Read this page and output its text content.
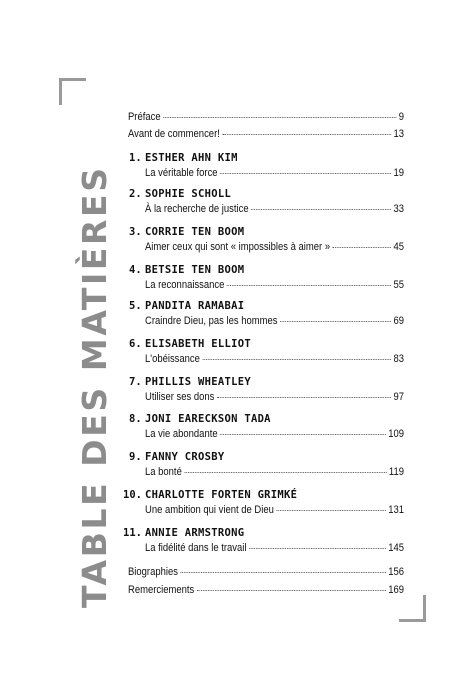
TABLE DES MATIÈRES
Préface	9
Avant de commencer!	13
1. ESTHER AHN KIM
La véritable force	19
2. SOPHIE SCHOLL
À la recherche de justice	33
3. CORRIE TEN BOOM
Aimer ceux qui sont « impossibles à aimer »	45
4. BETSIE TEN BOOM
La reconnaissance	55
5. PANDITA RAMABAI
Craindre Dieu, pas les hommes	69
6. ELISABETH ELLIOT
L'obéissance	83
7. PHILLIS WHEATLEY
Utiliser ses dons	97
8. JONI EARECKSON TADA
La vie abondante	109
9. FANNY CROSBY
La bonté	119
10. CHARLOTTE FORTEN GRIMKÉ
Une ambition qui vient de Dieu	131
11. ANNIE ARMSTRONG
La fidélité dans le travail	145
Biographies	156
Remerciements	169
